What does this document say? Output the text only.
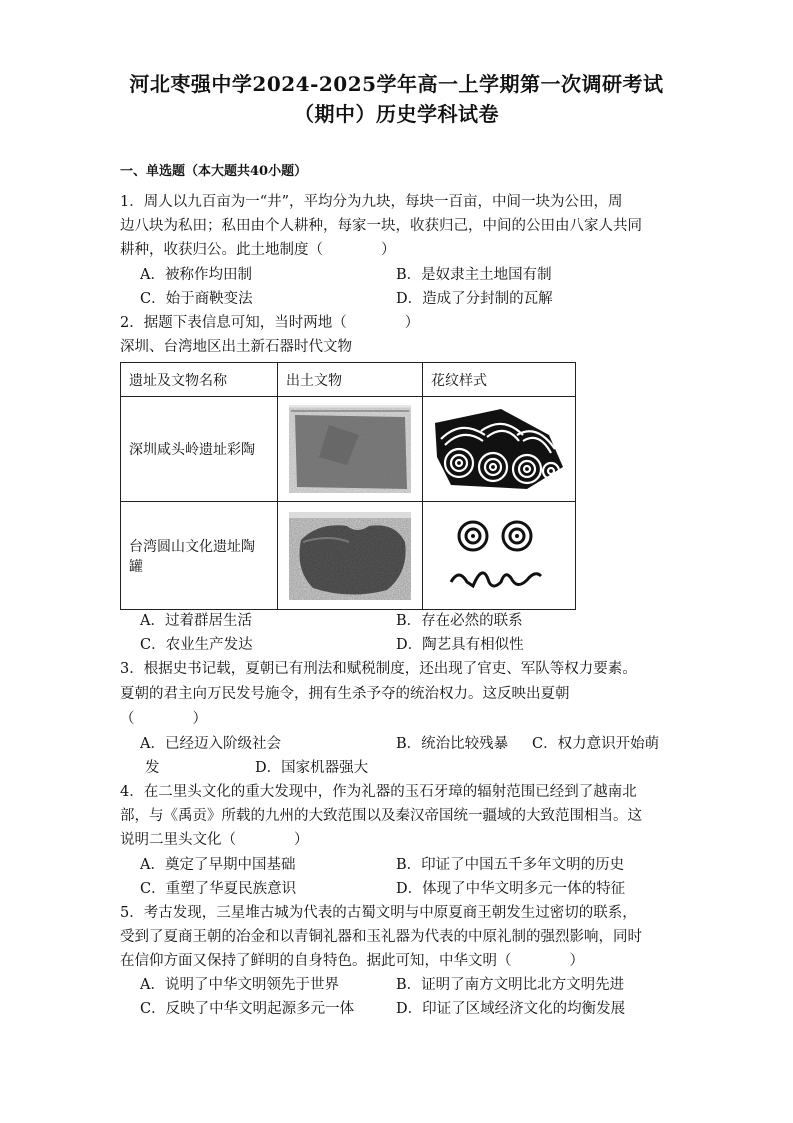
河北枣强中学2024-2025学年高一上学期第一次调研考试
（期中）历史学科试卷
一、单选题（本大题共40小题）
1．周人以九百亩为一“井”，平均分为九块，每块一百亩，中间一块为公田，周
边八块为私田；私田由个人耕种，每家一块，收获归己，中间的公田由八家人共同
耕种，收获归公。此土地制度（　　　　）
A．被称作均田制	B．是奴隶主土地国有制
C．始于商鞅变法	D．造成了分封制的瓦解
2．据题下表信息可知，当时两地（　　　　）
深圳、台湾地区出土新石器时代文物
遗址及文物名称	出土文物	花纹样式
深圳咸头岭遗址彩陶	

台湾圆山文化遗址陶
罐

A．过着群居生活	B．存在必然的联系
C．农业生产发达	D．陶艺具有相似性
3．根据史书记载，夏朝已有刑法和赋税制度，还出现了官吏、军队等权力要素。
夏朝的君主向万民发号施令，拥有生杀予夺的统治权力。这反映出夏朝
（　　　　）
A．已经迈入阶级社会	B．统治比较残暴 C．权力意识开始萌
发	D．国家机器强大
4．在二里头文化的重大发现中，作为礼器的玉石牙璋的辐射范围已经到了越南北
部，与《禹贡》所载的九州的大致范围以及秦汉帝国统一疆域的大致范围相当。这
说明二里头文化（　　　　）
A．奠定了早期中国基础	B．印证了中国五千多年文明的历史
C．重塑了华夏民族意识	D．体现了中华文明多元一体的特征
5．考古发现，三星堆古城为代表的古蜀文明与中原夏商王朝发生过密切的联系，
受到了夏商王朝的冶金和以青铜礼器和玉礼器为代表的中原礼制的强烈影响，同时
在信仰方面又保持了鲜明的自身特色。据此可知，中华文明（　　　　）
A．说明了中华文明领先于世界	B．证明了南方文明比北方文明先进
C．反映了中华文明起源多元一体	D．印证了区域经济文化的均衡发展
